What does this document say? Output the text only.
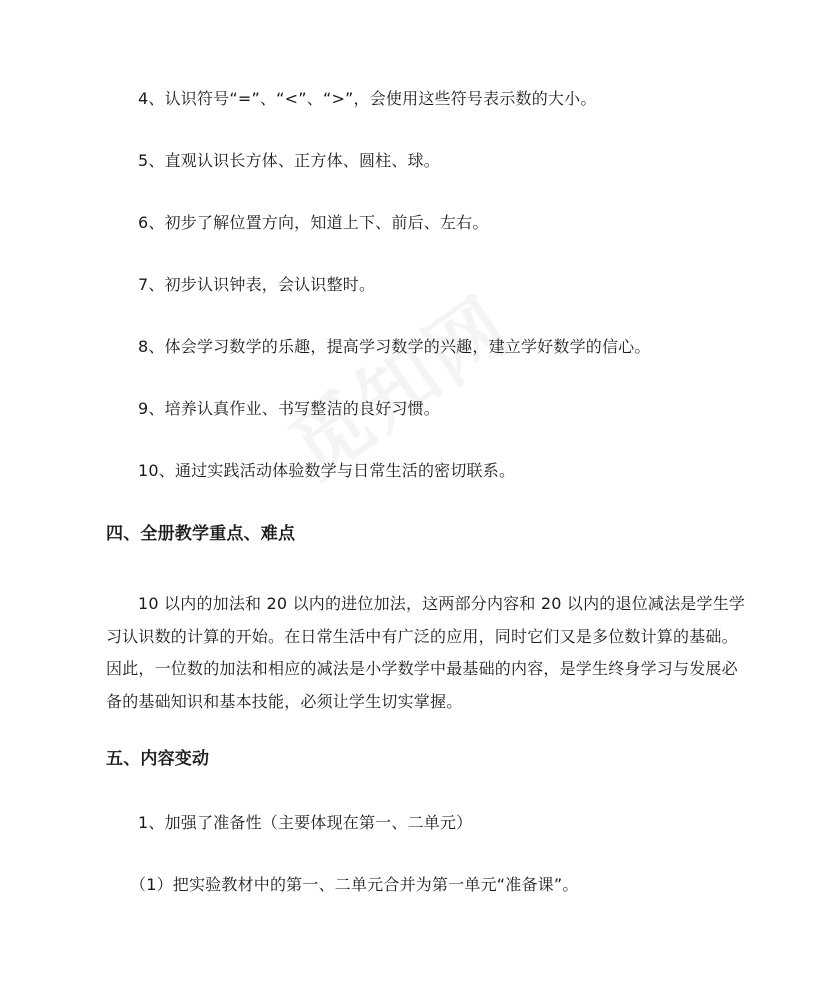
4、认识符号“=”、“<”、“>”，会使用这些符号表示数的大小。
5、直观认识长方体、正方体、圆柱、球。
6、初步了解位置方向，知道上下、前后、左右。
7、初步认识钟表，会认识整时。
8、体会学习数学的乐趣，提高学习数学的兴趣，建立学好数学的信心。
9、培养认真作业、书写整洁的良好习惯。
10、通过实践活动体验数学与日常生活的密切联系。
四、全册教学重点、难点
10 以内的加法和 20 以内的进位加法，这两部分内容和 20 以内的退位减法是学生学
习认识数的计算的开始。在日常生活中有广泛的应用，同时它们又是多位数计算的基础。
因此，一位数的加法和相应的减法是小学数学中最基础的内容，是学生终身学习与发展必
备的基础知识和基本技能，必须让学生切实掌握。
五、内容变动
1、加强了准备性（主要体现在第一、二单元）
（1）把实验教材中的第一、二单元合并为第一单元“准备课”。
